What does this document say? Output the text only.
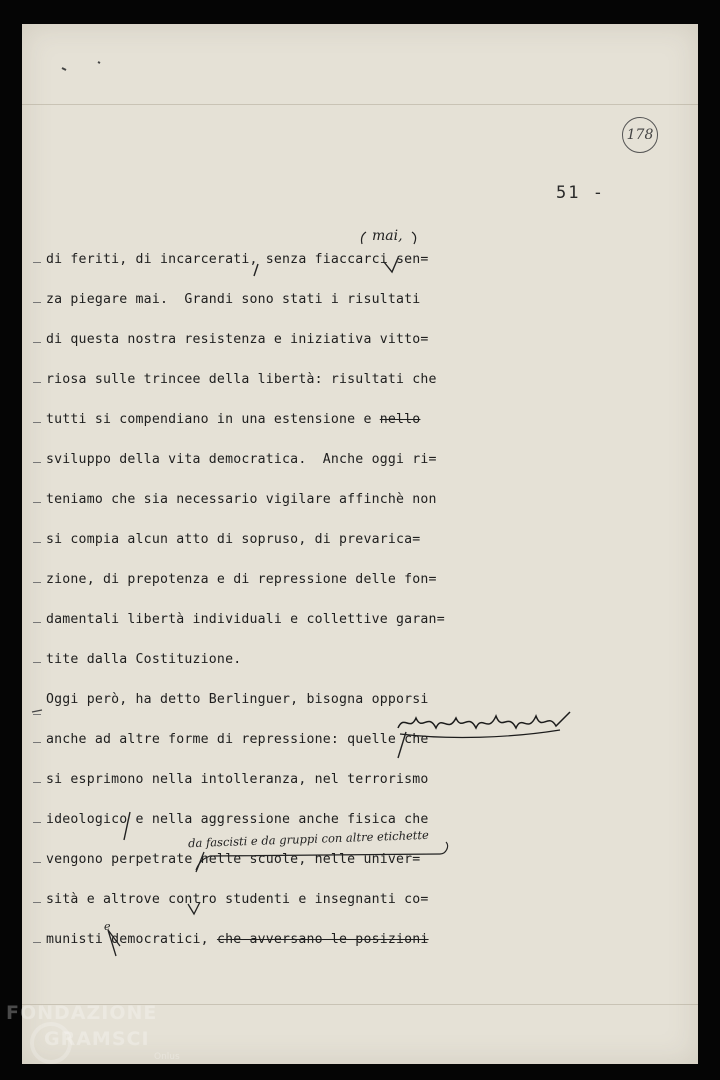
178
51 -
di feriti, di incarcerati, senza fiaccarci sen=
za piegare mai.  Grandi sono stati i risultati
di questa nostra resistenza e iniziativa vitto=
riosa sulle trincee della libertà: risultati che
tutti si compendiano in una estensione e nello
sviluppo della vita democratica.  Anche oggi ri=
teniamo che sia necessario vigilare affinchè non
si compia alcun atto di sopruso, di prevarica=
zione, di prepotenza e di repressione delle fon=
damentali libertà individuali e collettive garan=
tite dalla Costituzione.
Oggi però, ha detto Berlinguer, bisogna opporsi
anche ad altre forme di repressione: quelle che
si esprimono nella intolleranza, nel terrorismo
ideologico e nella aggressione anche fisica che
vengono perpetrate nelle scuole, nelle univer=
sità e altrove contro studenti e insegnanti co=
munisti democratici, che avversano le posizioni
mai,
e
da fascisti e da gruppi con altre etichette
FONDAZIONE
GRAMSCI
Onlus
